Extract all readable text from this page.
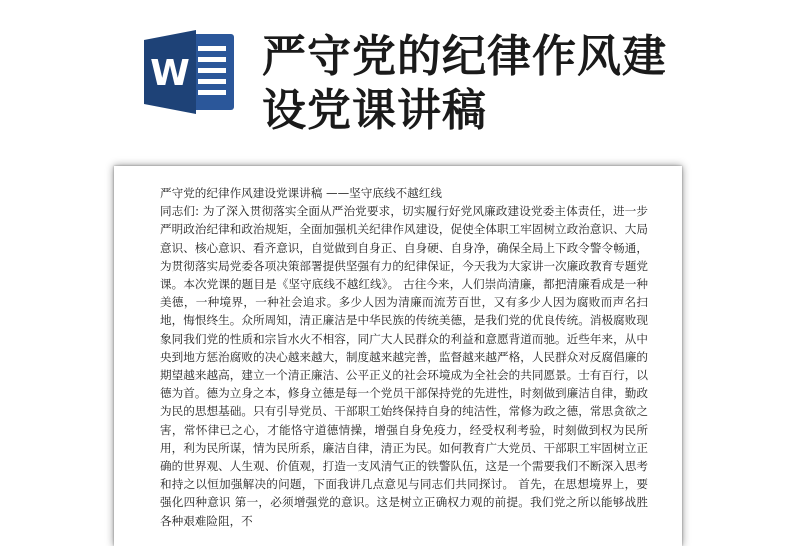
W 严守党的纪律作风建设党课讲稿

严守党的纪律作风建设党课讲稿 ——坚守底线不越红线

同志们: 为了深入贯彻落实全面从严治党要求，切实履行好党风廉政建设党委主体责任，进一步严明政治纪律和政治规矩，全面加强机关纪律作风建设，促使全体职工牢固树立政治意识、大局意识、核心意识、看齐意识，自觉做到自身正、自身硬、自身净，确保全局上下政令警令畅通，为贯彻落实局党委各项决策部署提供坚强有力的纪律保证，今天我为大家讲一次廉政教育专题党课。本次党课的题目是《坚守底线不越红线》。 古往今来，人们崇尚清廉，都把清廉看成是一种美德，一种境界，一种社会追求。多少人因为清廉而流芳百世，又有多少人因为腐败而声名扫地，悔恨终生。众所周知，清正廉洁是中华民族的传统美德，是我们党的优良传统。消极腐败现象同我们党的性质和宗旨水火不相容，同广大人民群众的利益和意愿背道而驰。近些年来，从中央到地方惩治腐败的决心越来越大，制度越来越完善，监督越来越严格，人民群众对反腐倡廉的期望越来越高，建立一个清正廉洁、公平正义的社会环境成为全社会的共同愿景。士有百行，以德为首。德为立身之本，修身立德是每一个党员干部保持党的先进性，时刻做到廉洁自律，勤政为民的思想基础。只有引导党员、干部职工始终保持自身的纯洁性，常修为政之德，常思贪欲之害，常怀律已之心，才能恪守道德情操，增强自身免疫力，经受权利考验，时刻做到权为民所用，利为民所谋，情为民所系，廉洁自律，清正为民。如何教育广大党员、干部职工牢固树立正确的世界观、人生观、价值观，打造一支风清气正的铁警队伍，这是一个需要我们不断深入思考和持之以恒加强解决的问题，下面我讲几点意见与同志们共同探讨。 首先，在思想境界上，要强化四种意识 第一，必须增强党的意识。这是树立正确权力观的前提。我们党之所以能够战胜各种艰难险阻，不
